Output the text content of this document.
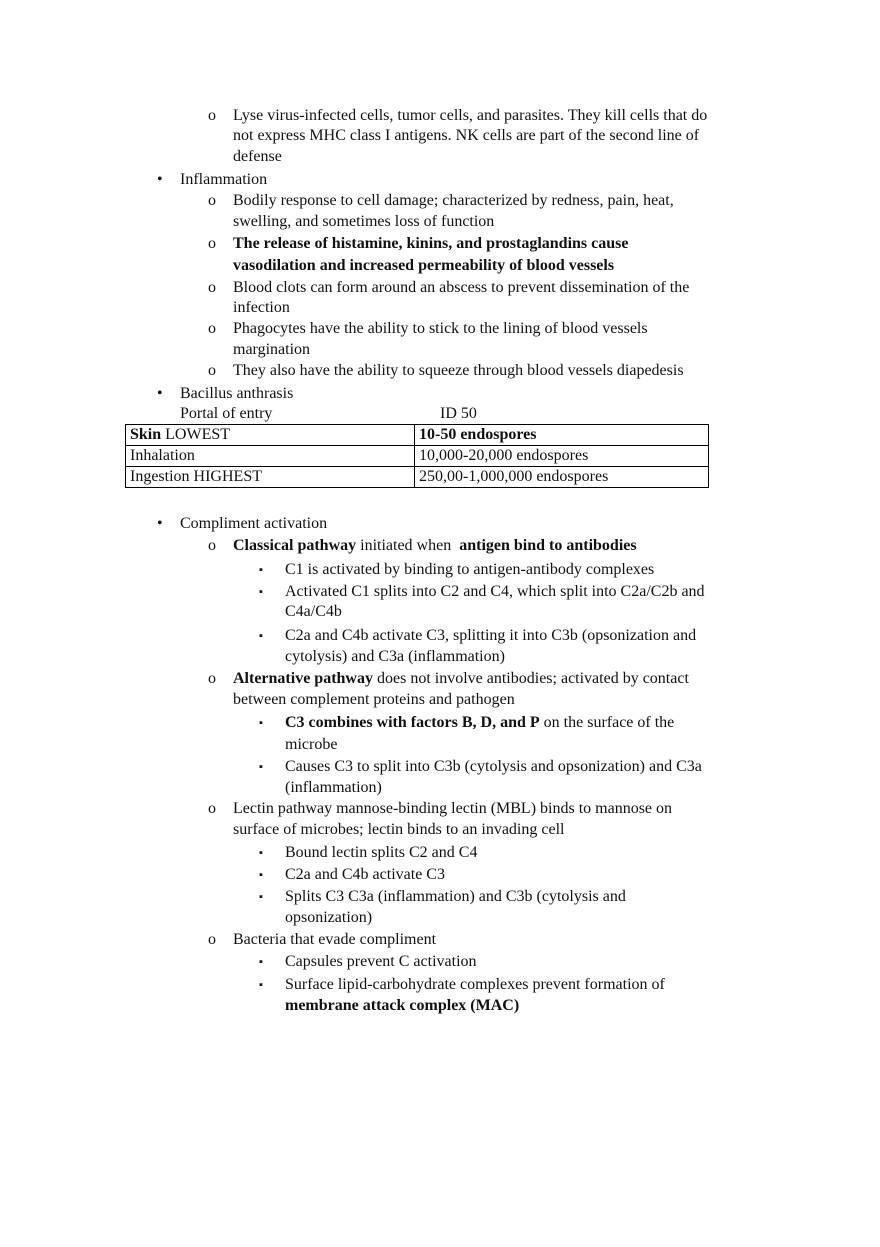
o Lyse virus-infected cells, tumor cells, and parasites. They kill cells that do
not express MHC class I antigens. NK cells are part of the second line of
defense
• Inflammation
o Bodily response to cell damage; characterized by redness, pain, heat,
swelling, and sometimes loss of function
o The release of histamine, kinins, and prostaglandins cause
vasodilation and increased permeability of blood vessels
o Blood clots can form around an abscess to prevent dissemination of the
infection
o Phagocytes have the ability to stick to the lining of blood vessels
margination
o They also have the ability to squeeze through blood vessels diapedesis
• Bacillus anthrasis
Portal of entry	ID 50
Skin LOWEST	10-50 endospores
Inhalation	10,000-20,000 endospores
Ingestion HIGHEST	250,00-1,000,000 endospores
• Compliment activation
o Classical pathway initiated when  antigen bind to antibodies
▪ C1 is activated by binding to antigen-antibody complexes
▪ Activated C1 splits into C2 and C4, which split into C2a/C2b and
C4a/C4b
▪ C2a and C4b activate C3, splitting it into C3b (opsonization and
cytolysis) and C3a (inflammation)
o Alternative pathway does not involve antibodies; activated by contact
between complement proteins and pathogen
▪ C3 combines with factors B, D, and P on the surface of the
microbe
▪ Causes C3 to split into C3b (cytolysis and opsonization) and C3a
(inflammation)
o Lectin pathway mannose-binding lectin (MBL) binds to mannose on
surface of microbes; lectin binds to an invading cell
▪ Bound lectin splits C2 and C4
▪ C2a and C4b activate C3
▪ Splits C3 C3a (inflammation) and C3b (cytolysis and
opsonization)
o Bacteria that evade compliment
▪ Capsules prevent C activation
▪ Surface lipid-carbohydrate complexes prevent formation of
membrane attack complex (MAC)
